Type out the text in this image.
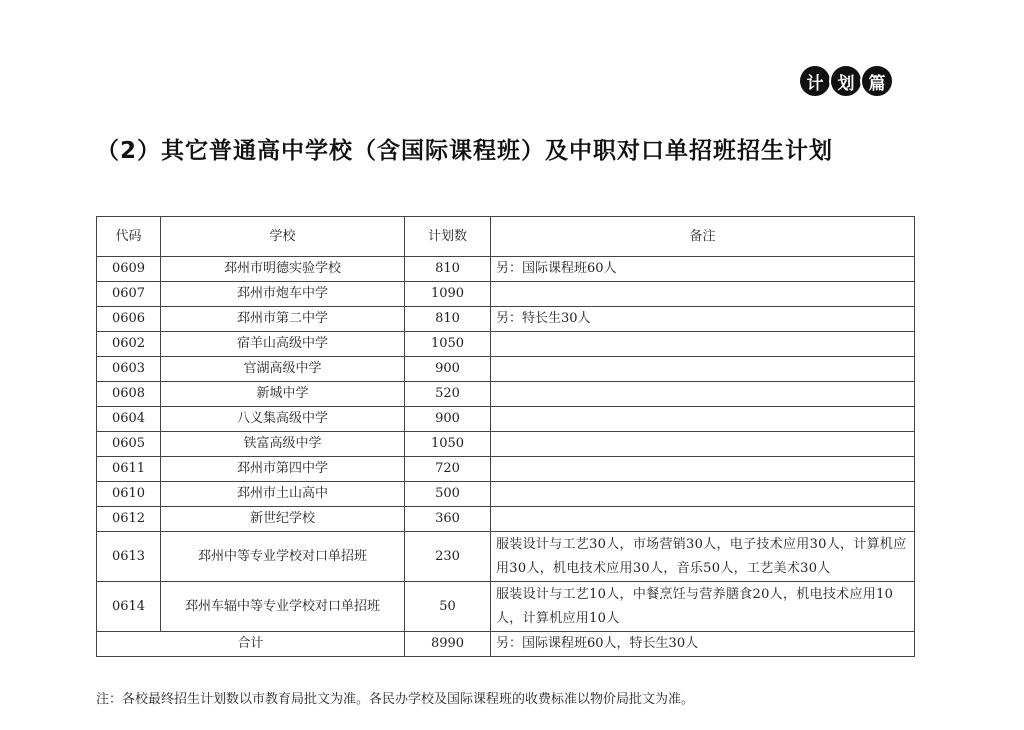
计 划 篇
（2）其它普通高中学校（含国际课程班）及中职对口单招班招生计划
代码	学校	计划数	备注
0609	邳州市明德实验学校	810	另：国际课程班60人
0607	邳州市炮车中学	1090	
0606	邳州市第二中学	810	另：特长生30人
0602	宿羊山高级中学	1050	
0603	官湖高级中学	900	
0608	新城中学	520	
0604	八义集高级中学	900	
0605	铁富高级中学	1050	
0611	邳州市第四中学	720	
0610	邳州市土山高中	500	
0612	新世纪学校	360	
0613	邳州中等专业学校对口单招班	230	服装设计与工艺30人，市场营销30人，电子技术应用30人，计算机应用30人，机电技术应用30人，音乐50人，工艺美术30人
0614	邳州车辐中等专业学校对口单招班	50	服装设计与工艺10人，中餐烹饪与营养膳食20人，机电技术应用10人，计算机应用10人
合计		8990	另：国际课程班60人，特长生30人

注：各校最终招生计划数以市教育局批文为准。各民办学校及国际课程班的收费标准以物价局批文为准。
